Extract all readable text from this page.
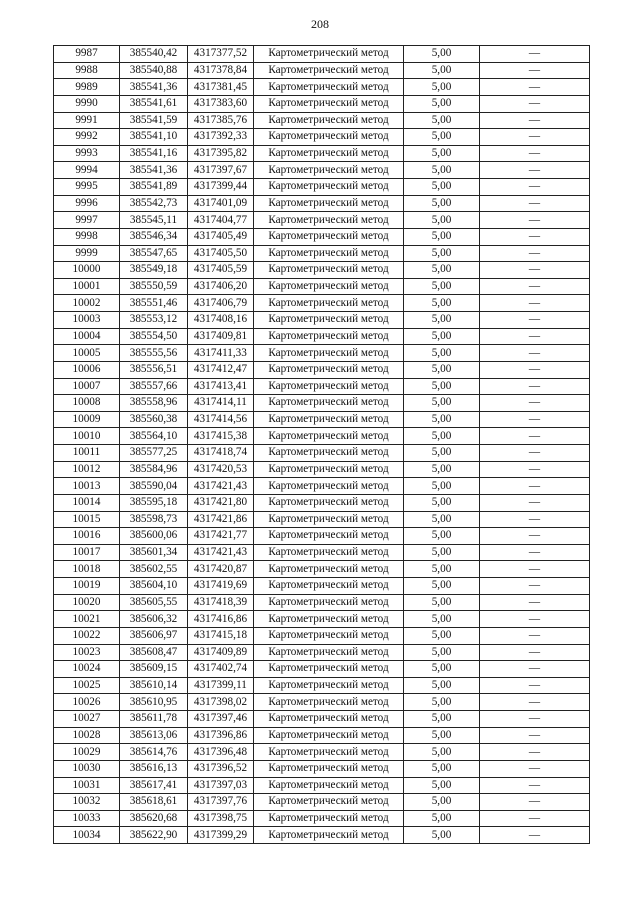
208
9987	385540,42	4317377,52	Картометрический метод	5,00	—
9988	385540,88	4317378,84	Картометрический метод	5,00	—
9989	385541,36	4317381,45	Картометрический метод	5,00	—
9990	385541,61	4317383,60	Картометрический метод	5,00	—
9991	385541,59	4317385,76	Картометрический метод	5,00	—
9992	385541,10	4317392,33	Картометрический метод	5,00	—
9993	385541,16	4317395,82	Картометрический метод	5,00	—
9994	385541,36	4317397,67	Картометрический метод	5,00	—
9995	385541,89	4317399,44	Картометрический метод	5,00	—
9996	385542,73	4317401,09	Картометрический метод	5,00	—
9997	385545,11	4317404,77	Картометрический метод	5,00	—
9998	385546,34	4317405,49	Картометрический метод	5,00	—
9999	385547,65	4317405,50	Картометрический метод	5,00	—
10000	385549,18	4317405,59	Картометрический метод	5,00	—
10001	385550,59	4317406,20	Картометрический метод	5,00	—
10002	385551,46	4317406,79	Картометрический метод	5,00	—
10003	385553,12	4317408,16	Картометрический метод	5,00	—
10004	385554,50	4317409,81	Картометрический метод	5,00	—
10005	385555,56	4317411,33	Картометрический метод	5,00	—
10006	385556,51	4317412,47	Картометрический метод	5,00	—
10007	385557,66	4317413,41	Картометрический метод	5,00	—
10008	385558,96	4317414,11	Картометрический метод	5,00	—
10009	385560,38	4317414,56	Картометрический метод	5,00	—
10010	385564,10	4317415,38	Картометрический метод	5,00	—
10011	385577,25	4317418,74	Картометрический метод	5,00	—
10012	385584,96	4317420,53	Картометрический метод	5,00	—
10013	385590,04	4317421,43	Картометрический метод	5,00	—
10014	385595,18	4317421,80	Картометрический метод	5,00	—
10015	385598,73	4317421,86	Картометрический метод	5,00	—
10016	385600,06	4317421,77	Картометрический метод	5,00	—
10017	385601,34	4317421,43	Картометрический метод	5,00	—
10018	385602,55	4317420,87	Картометрический метод	5,00	—
10019	385604,10	4317419,69	Картометрический метод	5,00	—
10020	385605,55	4317418,39	Картометрический метод	5,00	—
10021	385606,32	4317416,86	Картометрический метод	5,00	—
10022	385606,97	4317415,18	Картометрический метод	5,00	—
10023	385608,47	4317409,89	Картометрический метод	5,00	—
10024	385609,15	4317402,74	Картометрический метод	5,00	—
10025	385610,14	4317399,11	Картометрический метод	5,00	—
10026	385610,95	4317398,02	Картометрический метод	5,00	—
10027	385611,78	4317397,46	Картометрический метод	5,00	—
10028	385613,06	4317396,86	Картометрический метод	5,00	—
10029	385614,76	4317396,48	Картометрический метод	5,00	—
10030	385616,13	4317396,52	Картометрический метод	5,00	—
10031	385617,41	4317397,03	Картометрический метод	5,00	—
10032	385618,61	4317397,76	Картометрический метод	5,00	—
10033	385620,68	4317398,75	Картометрический метод	5,00	—
10034	385622,90	4317399,29	Картометрический метод	5,00	—
